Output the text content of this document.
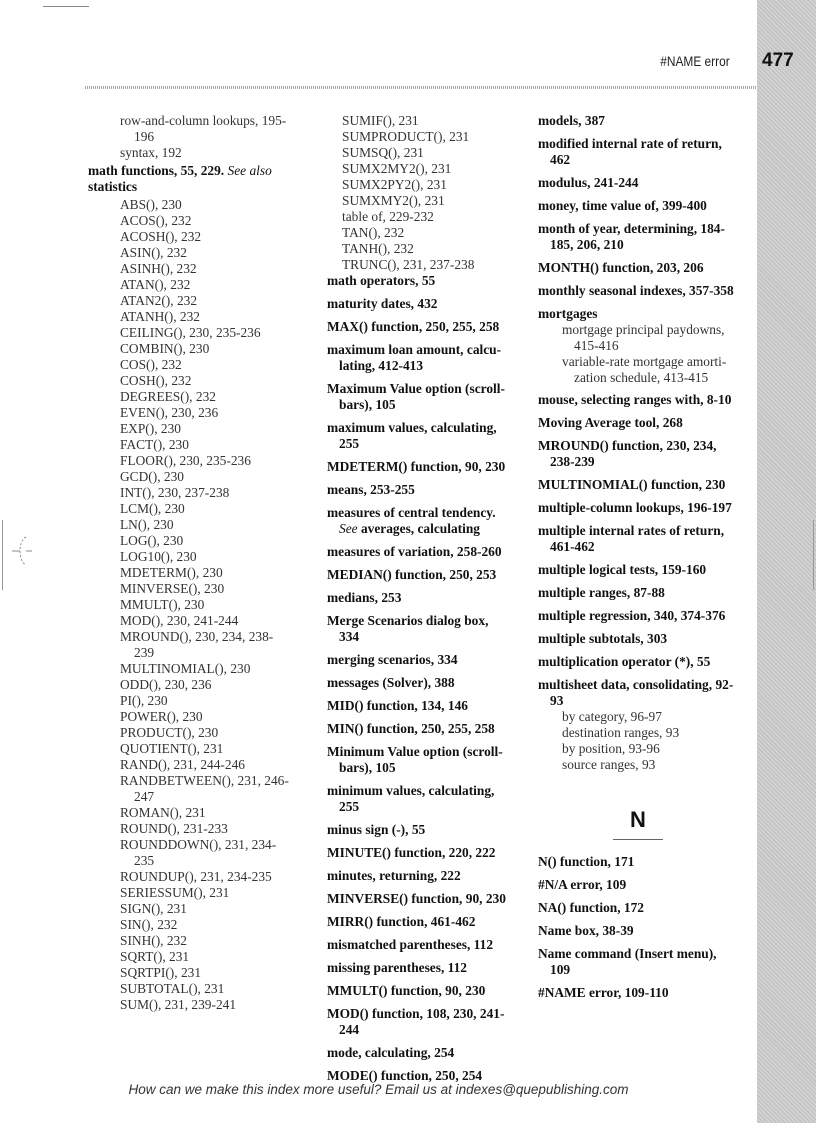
#NAME error 477
row-and-column lookups, 195-196
syntax, 192
math functions, 55, 229. See also statistics
ABS(), 230
ACOS(), 232
ACOSH(), 232
ASIN(), 232
ASINH(), 232
ATAN(), 232
ATAN2(), 232
ATANH(), 232
CEILING(), 230, 235-236
COMBIN(), 230
COS(), 232
COSH(), 232
DEGREES(), 232
EVEN(), 230, 236
EXP(), 230
FACT(), 230
FLOOR(), 230, 235-236
GCD(), 230
INT(), 230, 237-238
LCM(), 230
LN(), 230
LOG(), 230
LOG10(), 230
MDETERM(), 230
MINVERSE(), 230
MMULT(), 230
MOD(), 230, 241-244
MROUND(), 230, 234, 238-239
MULTINOMIAL(), 230
ODD(), 230, 236
PI(), 230
POWER(), 230
PRODUCT(), 230
QUOTIENT(), 231
RAND(), 231, 244-246
RANDBETWEEN(), 231, 246-247
ROMAN(), 231
ROUND(), 231-233
ROUNDDOWN(), 231, 234-235
ROUNDUP(), 231, 234-235
SERIESSUM(), 231
SIGN(), 231
SIN(), 232
SINH(), 232
SQRT(), 231
SQRTPI(), 231
SUBTOTAL(), 231
SUM(), 231, 239-241
SUMIF(), 231
SUMPRODUCT(), 231
SUMSQ(), 231
SUMX2MY2(), 231
SUMX2PY2(), 231
SUMXMY2(), 231
table of, 229-232
TAN(), 232
TANH(), 232
TRUNC(), 231, 237-238
math operators, 55
maturity dates, 432
MAX() function, 250, 255, 258
maximum loan amount, calcu-lating, 412-413
Maximum Value option (scroll-bars), 105
maximum values, calculating, 255
MDETERM() function, 90, 230
means, 253-255
measures of central tendency. See averages, calculating
measures of variation, 258-260
MEDIAN() function, 250, 253
medians, 253
Merge Scenarios dialog box, 334
merging scenarios, 334
messages (Solver), 388
MID() function, 134, 146
MIN() function, 250, 255, 258
Minimum Value option (scroll-bars), 105
minimum values, calculating, 255
minus sign (-), 55
MINUTE() function, 220, 222
minutes, returning, 222
MINVERSE() function, 90, 230
MIRR() function, 461-462
mismatched parentheses, 112
missing parentheses, 112
MMULT() function, 90, 230
MOD() function, 108, 230, 241-244
mode, calculating, 254
MODE() function, 250, 254
models, 387
modified internal rate of return, 462
modulus, 241-244
money, time value of, 399-400
month of year, determining, 184-185, 206, 210
MONTH() function, 203, 206
monthly seasonal indexes, 357-358
mortgages
mortgage principal paydowns, 415-416
variable-rate mortgage amorti-zation schedule, 413-415
mouse, selecting ranges with, 8-10
Moving Average tool, 268
MROUND() function, 230, 234, 238-239
MULTINOMIAL() function, 230
multiple-column lookups, 196-197
multiple internal rates of return, 461-462
multiple logical tests, 159-160
multiple ranges, 87-88
multiple regression, 340, 374-376
multiple subtotals, 303
multiplication operator (*), 55
multisheet data, consolidating, 92-93
by category, 96-97
destination ranges, 93
by position, 93-96
source ranges, 93
N
N() function, 171
#N/A error, 109
NA() function, 172
Name box, 38-39
Name command (Insert menu), 109
#NAME error, 109-110
How can we make this index more useful? Email us at indexes@quepublishing.com
